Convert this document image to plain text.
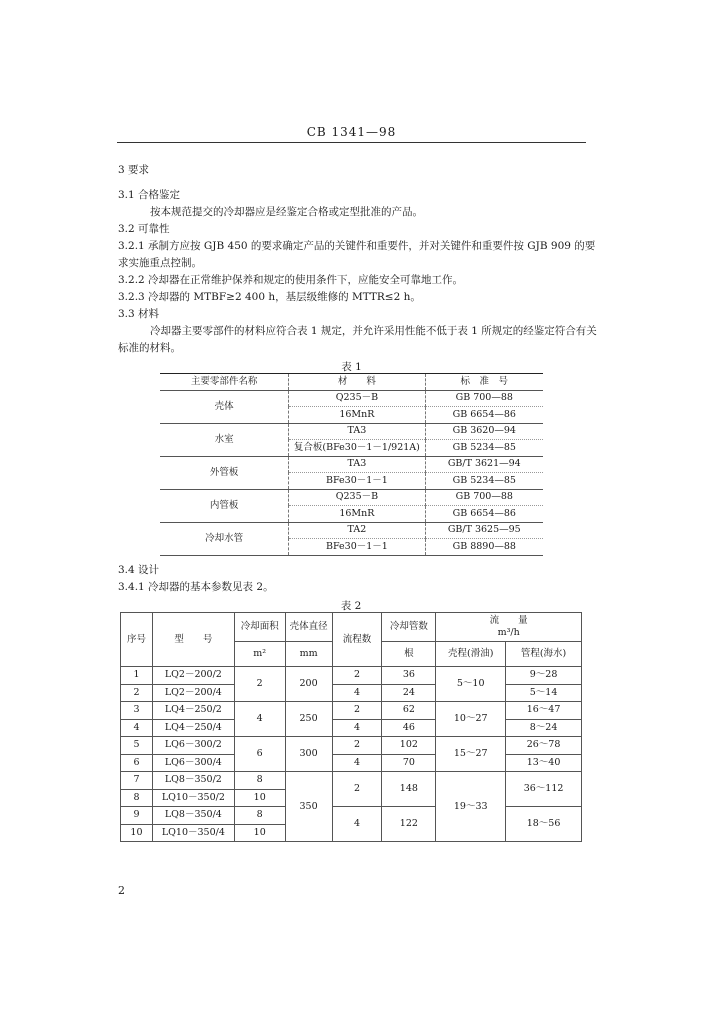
CB 1341—98
3 要求
3.1 合格鉴定
按本规范提交的冷却器应是经鉴定合格或定型批准的产品。
3.2 可靠性
3.2.1 承制方应按 GJB 450 的要求确定产品的关键件和重要件，并对关键件和重要件按 GJB 909 的要
求实施重点控制。
3.2.2 冷却器在正常维护保养和规定的使用条件下，应能安全可靠地工作。
3.2.3 冷却器的 MTBF≥2 400 h，基层级维修的 MTTR≤2 h。
3.3 材料
冷却器主要零部件的材料应符合表 1 规定，并允许采用性能不低于表 1 所规定的经鉴定符合有关
标准的材料。
表 1
主要零部件名称	材　　料	标　准　号
壳体	Q235－B	GB 700—88
	16MnR	GB 6654—86
水室	TA3	GB 3620—94
	复合板(BFe30－1－1/921A)	GB 5234—85
外管板	TA3	GB/T 3621—94
	BFe30－1－1	GB 5234—85
内管板	Q235－B	GB 700—88
	16MnR	GB 6654—86
冷却水管	TA2	GB/T 3625—95
	BFe30－1－1	GB 8890—88
3.4 设计
3.4.1 冷却器的基本参数见表 2。
表 2
序号	型　　号	冷却面积	壳体直径	流程数	冷却管数	流　　量
m³/h	

		m²	mm		根	壳程(滑油)	管程(海水)
1	LQ2－200/2	2	200	2	36	5～10	9～28
2	LQ2－200/4			4	24		5～14
3	LQ4－250/2	4	250	2	62	10～27	16～47
4	LQ4－250/4			4	46		8～24
5	LQ6－300/2	6	300	2	102	15～27	26～78
6	LQ6－300/4			4	70		13～40
7	LQ8－350/2	8	350	2	148	19～33	36～112
8	LQ10－350/2	10					
9	LQ8－350/4	8		4	122		18～56
10	LQ10－350/4	10					
2
